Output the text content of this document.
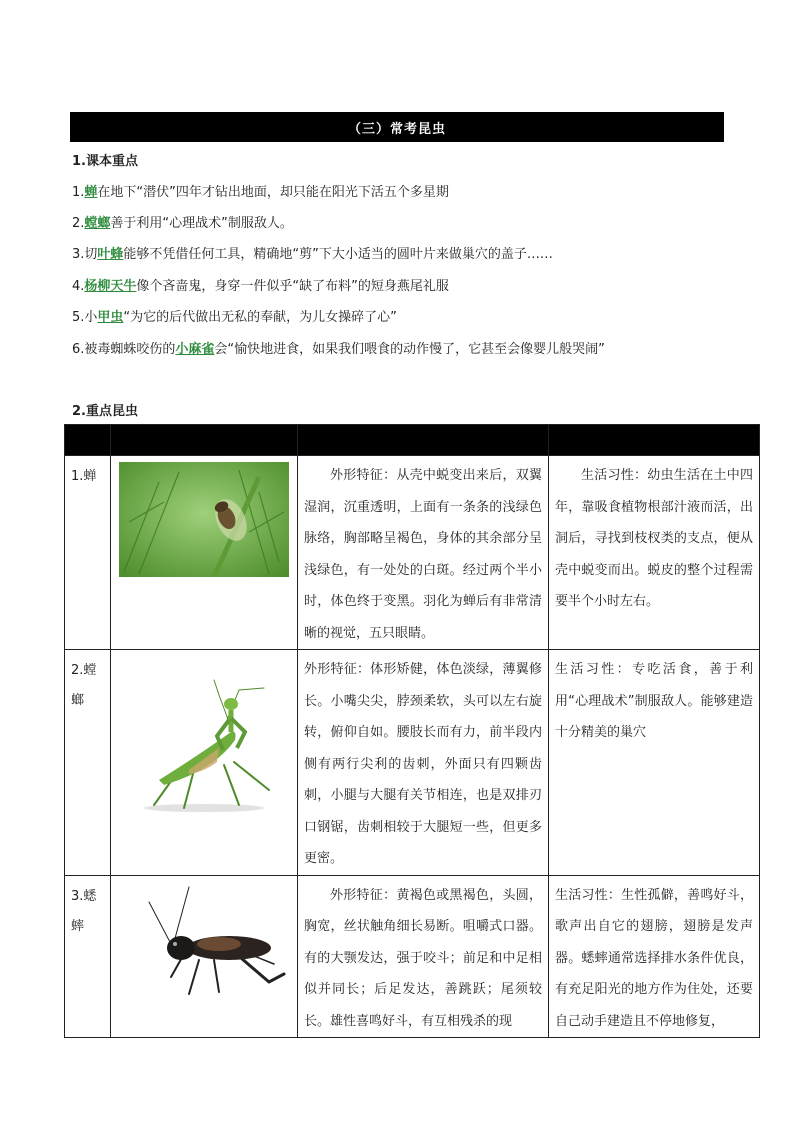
（三）常考昆虫
1.课本重点
1.蝉在地下“潜伏”四年才钻出地面，却只能在阳光下活五个多星期
2.螳螂善于利用“心理战术”制服敌人。
3.切叶蜂能够不凭借任何工具，精确地“剪”下大小适当的圆叶片来做巢穴的盖子……
4.杨柳天牛像个吝啬鬼，身穿一件似乎“缺了布料”的短身燕尾礼服
5.小甲虫“为它的后代做出无私的奉献，为儿女操碎了心”
6.被毒蜘蛛咬伤的小麻雀会“愉快地进食，如果我们喂食的动作慢了，它甚至会像婴儿般哭闹”
2.重点昆虫

1.蝉		外形特征：从壳中蜕变出来后，双翼湿润，沉重透明，上面有一条条的浅绿色脉络，胸部略呈褐色，身体的其余部分呈浅绿色，有一处处的白斑。经过两个半小时，体色终于变黑。羽化为蝉后有非常清晰的视觉，五只眼睛。	生活习性：幼虫生活在土中四年，靠吸食植物根部汁液而活，出洞后，寻找到枝杈类的支点，便从壳中蜕变而出。蜕皮的整个过程需要半个小时左右。
2.螳螂		外形特征：体形矫健，体色淡绿，薄翼修长。小嘴尖尖，脖颈柔软，头可以左右旋转，俯仰自如。腰肢长而有力，前半段内侧有两行尖利的齿刺，外面只有四颗齿刺，小腿与大腿有关节相连，也是双排刃口钢锯，齿刺相较于大腿短一些，但更多更密。	生活习性：专吃活食，善于利用“心理战术”制服敌人。能够建造十分精美的巢穴
3.蟋蟀		外形特征：黄褐色或黑褐色，头圆，胸宽，丝状触角细长易断。咀嚼式口器。有的大颚发达，强于咬斗；前足和中足相似并同长；后足发达，善跳跃；尾须较长。雄性喜鸣好斗，有互相残杀的现	生活习性：生性孤僻，善鸣好斗，歌声出自它的翅膀，翅膀是发声器。蟋蟀通常选择排水条件优良，有充足阳光的地方作为住处，还要自己动手建造且不停地修复，
